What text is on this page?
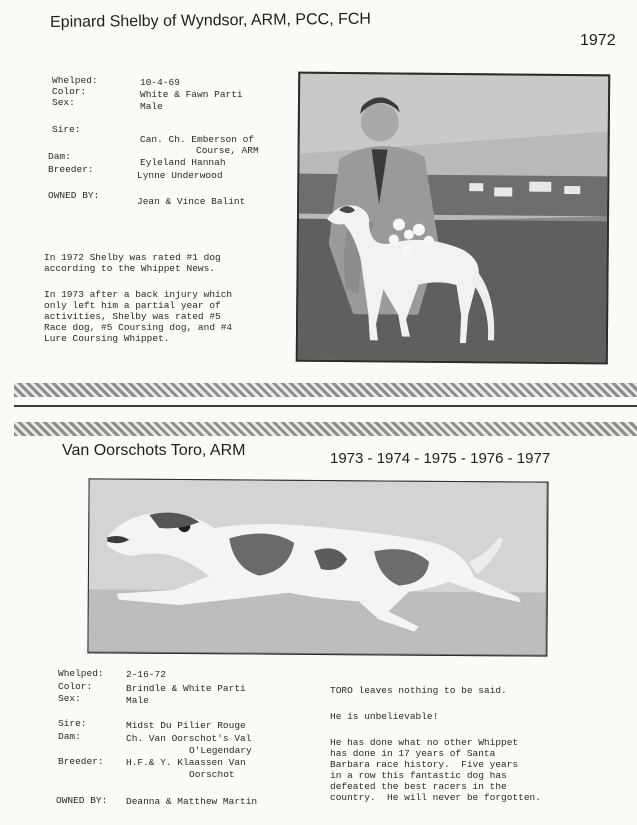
Epinard Shelby of Wyndsor, ARM, PCC, FCH
1972
Whelped:	10-4-69
Color:	White & Fawn Parti
Sex:	Male
Sire:
Can. Ch. Emberson of
Course, ARM
Dam:
Eyleland Hannah
Breeder:
Lynne Underwood
OWNED BY:
Jean & Vince Balint
In 1972 Shelby was rated #1 dog
according to the Whippet News.
In 1973 after a back injury which
only left him a partial year of
activities, Shelby was rated #5
Race dog, #5 Coursing dog, and #4
Lure Coursing Whippet.
Van Oorschots Toro, ARM	1973 - 1974 - 1975 - 1976 - 1977
Whelped: 2-16-72
Color:	Brindle & White Parti
Sex:	Male
Sire:	Midst Du Pilier Rouge
Dam:	Ch. Van Oorschot's Val
O'Legendary
Breeder: H.F.& Y. Klaassen Van
Oorschot
OWNED BY: Deanna & Matthew Martin
TORO leaves nothing to be said.
He is unbelievable!
He has done what no other Whippet
has done in 17 years of Santa
Barbara race history.  Five years
in a row this fantastic dog has
defeated the best racers in the
country.  He will never be forgotten.
